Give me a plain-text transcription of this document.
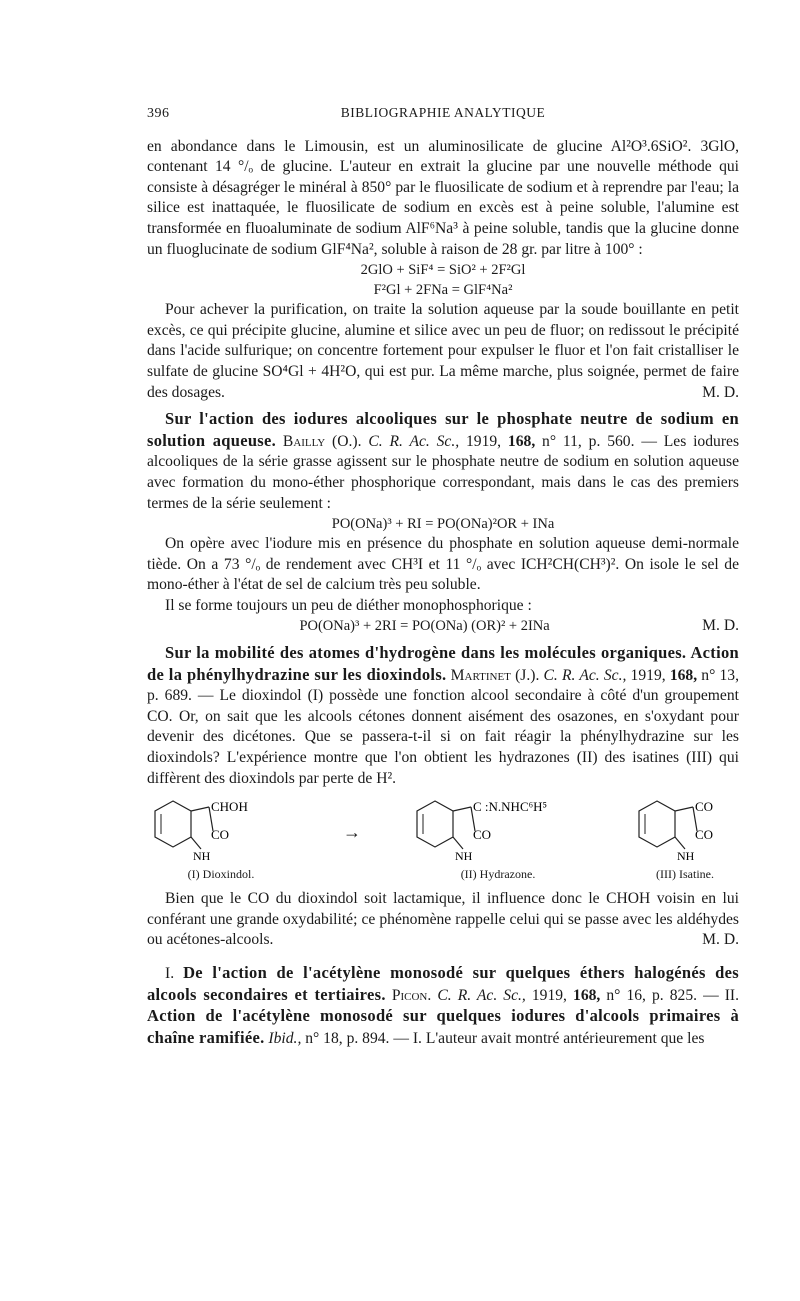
396	BIBLIOGRAPHIE ANALYTIQUE

en abondance dans le Limousin, est un aluminosilicate de glucine Al²O³.6SiO². 3GlO, contenant 14 °/ₒ de glucine. L'auteur en extrait la glucine par une nouvelle méthode qui consiste à désagréger le minéral à 850° par le fluosilicate de sodium et à reprendre par l'eau; la silice est inattaquée, le fluosilicate de sodium en excès est à peine soluble, l'alumine est transformée en fluoaluminate de sodium AlF⁶Na³ à peine soluble, tandis que la glucine donne un fluoglucinate de sodium GlF⁴Na², soluble à raison de 28 gr. par litre à 100° :

2GlO + SiF⁴ = SiO² + 2F²Gl
F²Gl + 2FNa = GlF⁴Na²

Pour achever la purification, on traite la solution aqueuse par la soude bouillante en petit excès, ce qui précipite glucine, alumine et silice avec un peu de fluor; on redissout le précipité dans l'acide sulfurique; on concentre fortement pour expulser le fluor et l'on fait cristalliser le sulfate de glucine SO⁴Gl + 4H²O, qui est pur. La même marche, plus soignée, permet de faire des dosages.	M. D.

Sur l'action des iodures alcooliques sur le phosphate neutre de sodium en solution aqueuse. Bailly (O.). C. R. Ac. Sc., 1919, 168, n° 11, p. 560. — Les iodures alcooliques de la série grasse agissent sur le phosphate neutre de sodium en solution aqueuse avec formation du mono-éther phosphorique correspondant, mais dans le cas des premiers termes de la série seulement :

PO(ONa)³ + RI = PO(ONa)²OR + INa

On opère avec l'iodure mis en présence du phosphate en solution aqueuse demi-normale tiède. On a 73 °/ₒ de rendement avec CH³I et 11 °/ₒ avec ICH²CH(CH³)². On isole le sel de mono-éther à l'état de sel de calcium très peu soluble.

Il se forme toujours un peu de diéther monophosphorique :

PO(ONa)³ + 2RI = PO(ONa) (OR)² + 2INa	M. D.

Sur la mobilité des atomes d'hydrogène dans les molécules organiques. Action de la phénylhydrazine sur les dioxindols. Martinet (J.). C. R. Ac. Sc., 1919, 168, n° 13, p. 689. — Le dioxindol (I) possède une fonction alcool secondaire à côté d'un groupement CO. Or, on sait que les alcools cétones donnent aisément des osazones, en s'oxydant pour devenir des dicétones. Que se passera-t-il si on fait réagir la phénylhydrazine sur les dioxindols? L'expérience montre que l'on obtient les hydrazones (II) des isatines (III) qui diffèrent des dioxindols par perte de H².

CHOH
CO
NH
(I) Dioxindol.
→
C :N.NHC⁶H⁵
CO
NH
(II) Hydrazone.
CO
CO
NH
(III) Isatine.

Bien que le CO du dioxindol soit lactamique, il influence donc le CHOH voisin en lui conférant une grande oxydabilité; ce phénomène rappelle celui qui se passe avec les aldéhydes ou acétones-alcools.	M. D.

I. De l'action de l'acétylène monosodé sur quelques éthers halogénés des alcools secondaires et tertiaires. Picon. C. R. Ac. Sc., 1919, 168, n° 16, p. 825. — II. Action de l'acétylène monosodé sur quelques iodures d'alcools primaires à chaîne ramifiée. Ibid., n° 18, p. 894. — I. L'auteur avait montré antérieurement que les
